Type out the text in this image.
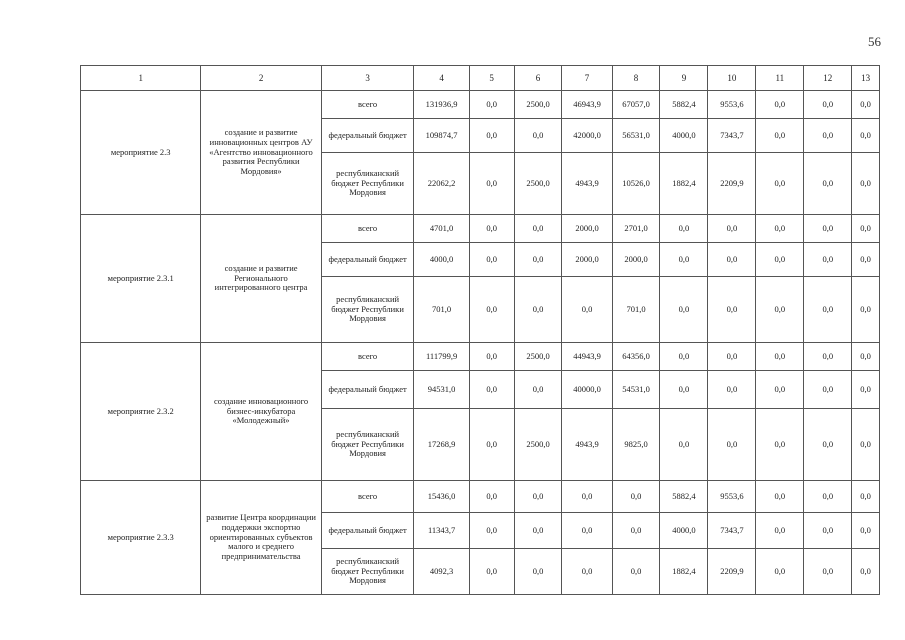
56
1	2	3	4	5	6	7	8	9	10	11	12	13
мероприятие 2.3	создание и развитие инновационных центров АУ «Агентство инновационного развития Республики Мордовия»	всего	131936,9	0,0	2500,0	46943,9	67057,0	5882,4	9553,6	0,0	0,0	0,0
		федеральный бюджет	109874,7	0,0	0,0	42000,0	56531,0	4000,0	7343,7	0,0	0,0	0,0
		республиканский бюджет Республики Мордовия	22062,2	0,0	2500,0	4943,9	10526,0	1882,4	2209,9	0,0	0,0	0,0
мероприятие 2.3.1	создание и развитие Регионального интегрированного центра	всего	4701,0	0,0	0,0	2000,0	2701,0	0,0	0,0	0,0	0,0	0,0
		федеральный бюджет	4000,0	0,0	0,0	2000,0	2000,0	0,0	0,0	0,0	0,0	0,0
		республиканский бюджет Республики Мордовия	701,0	0,0	0,0	0,0	701,0	0,0	0,0	0,0	0,0	0,0
мероприятие 2.3.2	создание инновационного бизнес-инкубатора «Молодежный»	всего	111799,9	0,0	2500,0	44943,9	64356,0	0,0	0,0	0,0	0,0	0,0
		федеральный бюджет	94531,0	0,0	0,0	40000,0	54531,0	0,0	0,0	0,0	0,0	0,0
		республиканский бюджет Республики Мордовия	17268,9	0,0	2500,0	4943,9	9825,0	0,0	0,0	0,0	0,0	0,0
мероприятие 2.3.3	развитие Центра координации поддержки экспортно ориентированных субъектов малого и среднего предпринимательства	всего	15436,0	0,0	0,0	0,0	0,0	5882,4	9553,6	0,0	0,0	0,0
		федеральный бюджет	11343,7	0,0	0,0	0,0	0,0	4000,0	7343,7	0,0	0,0	0,0
		республиканский бюджет Республики Мордовия	4092,3	0,0	0,0	0,0	0,0	1882,4	2209,9	0,0	0,0	0,0
